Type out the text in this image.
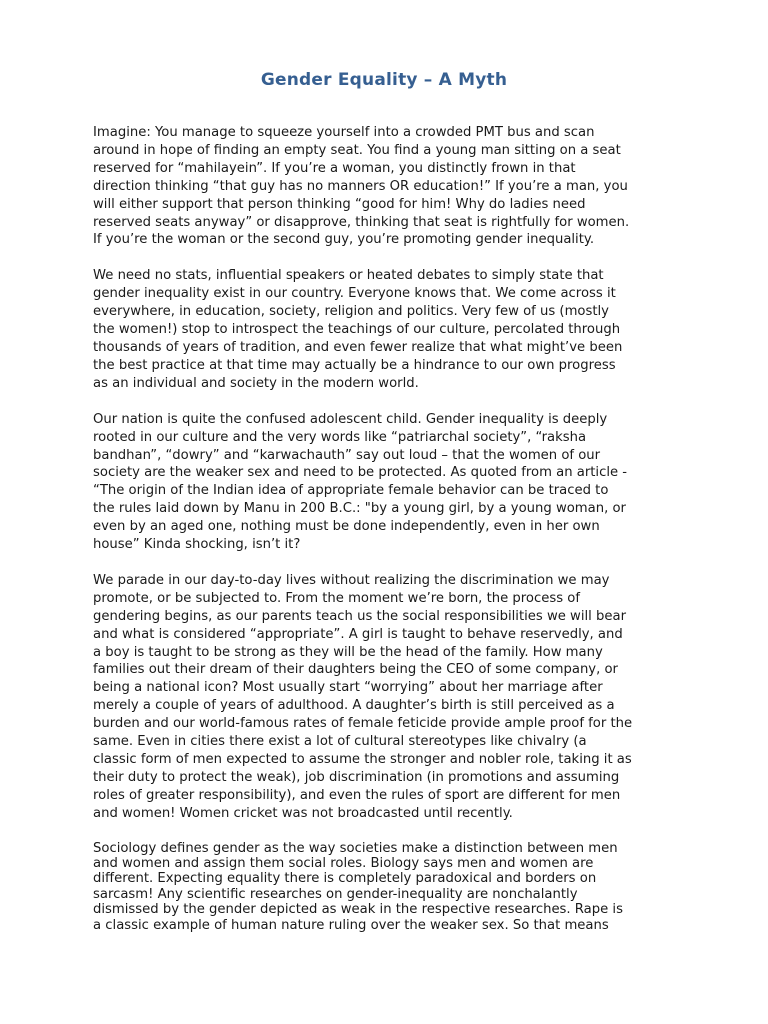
Gender Equality – A Myth

Imagine: You manage to squeeze yourself into a crowded PMT bus and scan
around in hope of finding an empty seat. You find a young man sitting on a seat
reserved for “mahilayein”. If you’re a woman, you distinctly frown in that
direction thinking “that guy has no manners OR education!” If you’re a man, you
will either support that person thinking “good for him! Why do ladies need
reserved seats anyway” or disapprove, thinking that seat is rightfully for women.
If you’re the woman or the second guy, you’re promoting gender inequality.

We need no stats, influential speakers or heated debates to simply state that
gender inequality exist in our country. Everyone knows that. We come across it
everywhere, in education, society, religion and politics. Very few of us (mostly
the women!) stop to introspect the teachings of our culture, percolated through
thousands of years of tradition, and even fewer realize that what might’ve been
the best practice at that time may actually be a hindrance to our own progress
as an individual and society in the modern world.

Our nation is quite the confused adolescent child. Gender inequality is deeply
rooted in our culture and the very words like “patriarchal society”, “raksha
bandhan”, “dowry” and “karwachauth” say out loud – that the women of our
society are the weaker sex and need to be protected. As quoted from an article -
“The origin of the Indian idea of appropriate female behavior can be traced to
the rules laid down by Manu in 200 B.C.: "by a young girl, by a young woman, or
even by an aged one, nothing must be done independently, even in her own
house” Kinda shocking, isn’t it?

We parade in our day-to-day lives without realizing the discrimination we may
promote, or be subjected to. From the moment we’re born, the process of
gendering begins, as our parents teach us the social responsibilities we will bear
and what is considered “appropriate”. A girl is taught to behave reservedly, and
a boy is taught to be strong as they will be the head of the family. How many
families out their dream of their daughters being the CEO of some company, or
being a national icon? Most usually start “worrying” about her marriage after
merely a couple of years of adulthood. A daughter’s birth is still perceived as a
burden and our world-famous rates of female feticide provide ample proof for the
same. Even in cities there exist a lot of cultural stereotypes like chivalry (a
classic form of men expected to assume the stronger and nobler role, taking it as
their duty to protect the weak), job discrimination (in promotions and assuming
roles of greater responsibility), and even the rules of sport are different for men
and women! Women cricket was not broadcasted until recently.

Sociology defines gender as the way societies make a distinction between men
and women and assign them social roles. Biology says men and women are
different. Expecting equality there is completely paradoxical and borders on
sarcasm! Any scientific researches on gender-inequality are nonchalantly
dismissed by the gender depicted as weak in the respective researches. Rape is
a classic example of human nature ruling over the weaker sex. So that means
